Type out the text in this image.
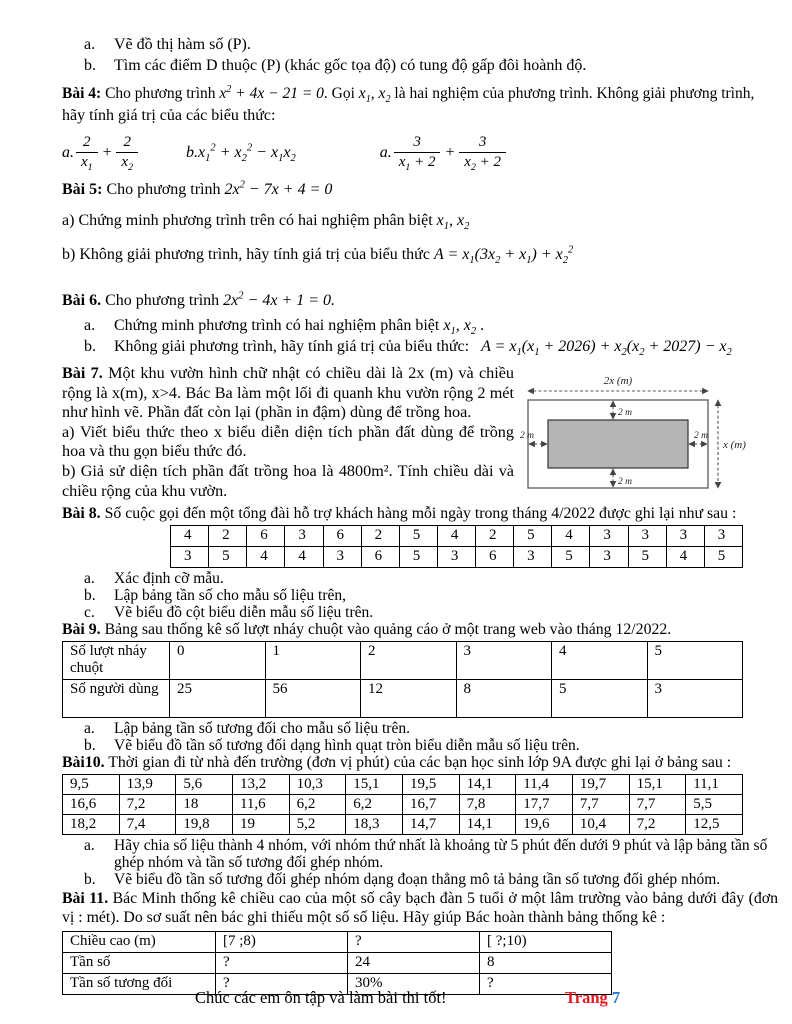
a.	Vẽ đồ thị hàm số (P).
b.	Tìm các điểm D thuộc (P) (khác gốc tọa độ) có tung độ gấp đôi hoành độ.

Bài 4: Cho phương trình $x^2 + 4x - 21 = 0$. Gọi $x_1$, $x_2$ là hai nghiệm của phương trình. Không giải phương trình,

hãy tính giá trị của các biểu thức:

a. $\frac{2}{x_1} + \frac{2}{x_2}$	b. $x_1^2 + x_2^2 - x_1x_2$	a. $\frac{3}{x_1 + 2} + \frac{3}{x_2 + 2}$

Bài 5: Cho phương trình $2x^2 - 7x + 4 = 0$

a) Chứng minh phương trình trên có hai nghiệm phân biệt $x_1$, $x_2$

b) Không giải phương trình, hãy tính giá trị của biểu thức $A = x_1(3x_2 + x_1) + x_2^2$

Bài 6. Cho phương trình $2x^2 - 4x + 1 = 0$.

a.	Chứng minh phương trình có hai nghiệm phân biệt $x_1$, $x_2$ .
b.	Không giải phương trình, hãy tính giá trị của biểu thức: $A = x_1(x_1 + 2026) + x_2(x_2 + 2027) - x_2$

Bài 7. Một khu vườn hình chữ nhật có chiều dài là 2x (m) và chiều rộng là x(m), x>4. Bác Ba làm một lối đi quanh khu vườn rộng 2 mét như hình vẽ. Phần đất còn lại (phần in đậm) dùng để trồng hoa.

a) Viết biểu thức theo x biểu diễn diện tích phần đất dùng để trồng hoa và thu gọn biểu thức đó.

b) Giả sử diện tích phần đất trồng hoa là 4800m². Tính chiều dài và chiều rộng của khu vườn.

2x (m)
2 m
2 m	2 m
2 m
x (m)

Bài 8. Số cuộc gọi đến một tổng đài hỗ trợ khách hàng mỗi ngày trong tháng 4/2022 được ghi lại như sau :

4	2	6	3	6	2	5	4	2	5	4	3	3	3	3
3	5	4	4	3	6	5	3	6	3	5	3	5	4	5
a.	Xác định cỡ mẫu.
b.	Lập bảng tần số cho mẫu số liệu trên,
c.	Vẽ biểu đồ cột biểu diễn mẫu số liệu trên.

Bài 9. Bảng sau thống kê số lượt nháy chuột vào quảng cáo ở một trang web vào tháng 12/2022.

Số lượt nháy chuột	0	1	2	3	4	5
Số người dùng	25	56	12	8	5	3
a.	Lập bảng tần số tương đối cho mẫu số liệu trên.
b.	Vẽ biểu đồ tần số tương đối dạng hình quạt tròn biểu diễn mẫu số liệu trên.

Bài10. Thời gian đi từ nhà đến trường (đơn vị phút) của các bạn học sinh lớp 9A được ghi lại ở bảng sau :

9,5	13,9	5,6	13,2	10,3	15,1	19,5	14,1	11,4	19,7	15,1	11,1
16,6	7,2	18	11,6	6,2	6,2	16,7	7,8	17,7	7,7	7,7	5,5
18,2	7,4	19,8	19	5,2	18,3	14,7	14,1	19,6	10,4	7,2	12,5
a.	Hãy chia số liệu thành 4 nhóm, với nhóm thứ nhất là khoảng từ 5 phút đến dưới 9 phút và lập bảng tần số ghép nhóm và tần số tương đối ghép nhóm.
b.	Vẽ biểu đồ tần số tương đối ghép nhóm dạng đoạn thẳng mô tả bảng tần số tương đối ghép nhóm.

Bài 11. Bác Minh thống kê chiều cao của một số cây bạch đàn 5 tuổi ở một lâm trường vào bảng dưới đây (đơn vị : mét). Do sơ suất nên bác ghi thiếu một số số liệu. Hãy giúp Bác hoàn thành bảng thống kê :

Chiều cao (m)	[7 ;8)	?	[ ?;10)
Tần số	?	24	8
Tần số tương đối	?	30%	?
Chúc các em ôn tập và làm bài thi tốt!	Trang 7
